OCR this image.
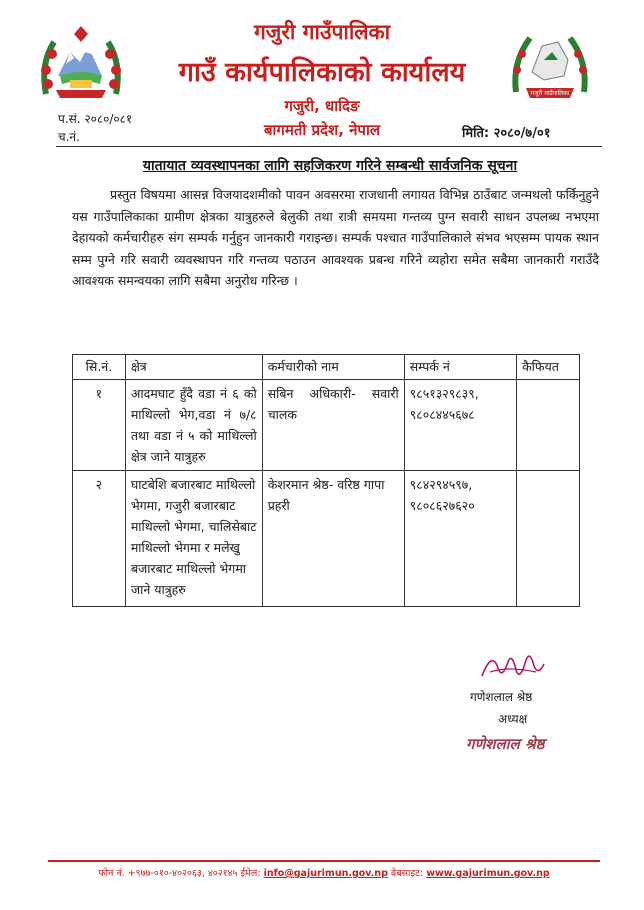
गजुरी गाउँपालिका
गजुरी गाउँपालिका
गाउँ कार्यपालिकाको कार्यालय
गजुरी, धादिङ
बागमती प्रदेश, नेपाल
प.सं. २०८०/०८१
च.नं.	मिति: २०८०/७/०१
यातायात व्यवस्थापनका लागि सहजिकरण गरिने सम्बन्धी सार्वजनिक सूचना
प्रस्तुत विषयमा आसन्न विजयादशमीको पावन अवसरमा राजधानी लगायत विभिन्न ठाउँबाट जन्मथलो फर्किनुहुने यस गाउँपालिकाका ग्रामीण क्षेत्रका यात्रुहरुले बेलुकी तथा रात्री समयमा गन्तव्य पुग्न सवारी साधन उपलब्ध नभएमा देहायको कर्मचारीहरु संग सम्पर्क गर्नुहुन जानकारी गराइन्छ। सम्पर्क पश्चात गाउँपालिकाले संभव भएसम्म पायक स्थान सम्म पुग्ने गरि सवारी व्यवस्थापन गरि गन्तव्य पठाउन आवश्यक प्रबन्ध गरिने व्यहोरा समेत सबैमा जानकारी गराउँदै आवश्यक समन्वयका लागि सबैमा अनुरोध गरिन्छ ।
सि.नं.	क्षेत्र	कर्मचारीको नाम	सम्पर्क नं	कैफियत
१	आदमघाट हुँदै वडा नं ६ को माथिल्लो भेग,वडा नं ७/८ तथा वडा नं ५ को माथिल्लो क्षेत्र जाने यात्रुहरु	सबिन अधिकारी- सवारी चालक	९८५१३२९८३९,
९८०८४४५६७८	

२	घाटबेशि बजारबाट माथिल्लो भेगमा, गजुरी बजारबाट माथिल्लो भेगमा, चालिसेबाट माथिल्लो भेगमा र मलेखु बजारबाट माथिल्लो भेगमा जाने यात्रुहरु	केशरमान श्रेष्ठ- वरिष्ठ गापा प्रहरी	९८४२९४५९७,
९८०८६२७६२०	

गणेशलाल श्रेष्ठ
अध्यक्ष
गणेशलाल श्रेष्ठ
फोन नं. +९७७-०१०-४०२०६३, ४०२१४५ ईमेल: info@gajurimun.gov.np वेबसाइट: www.gajurimun.gov.np
